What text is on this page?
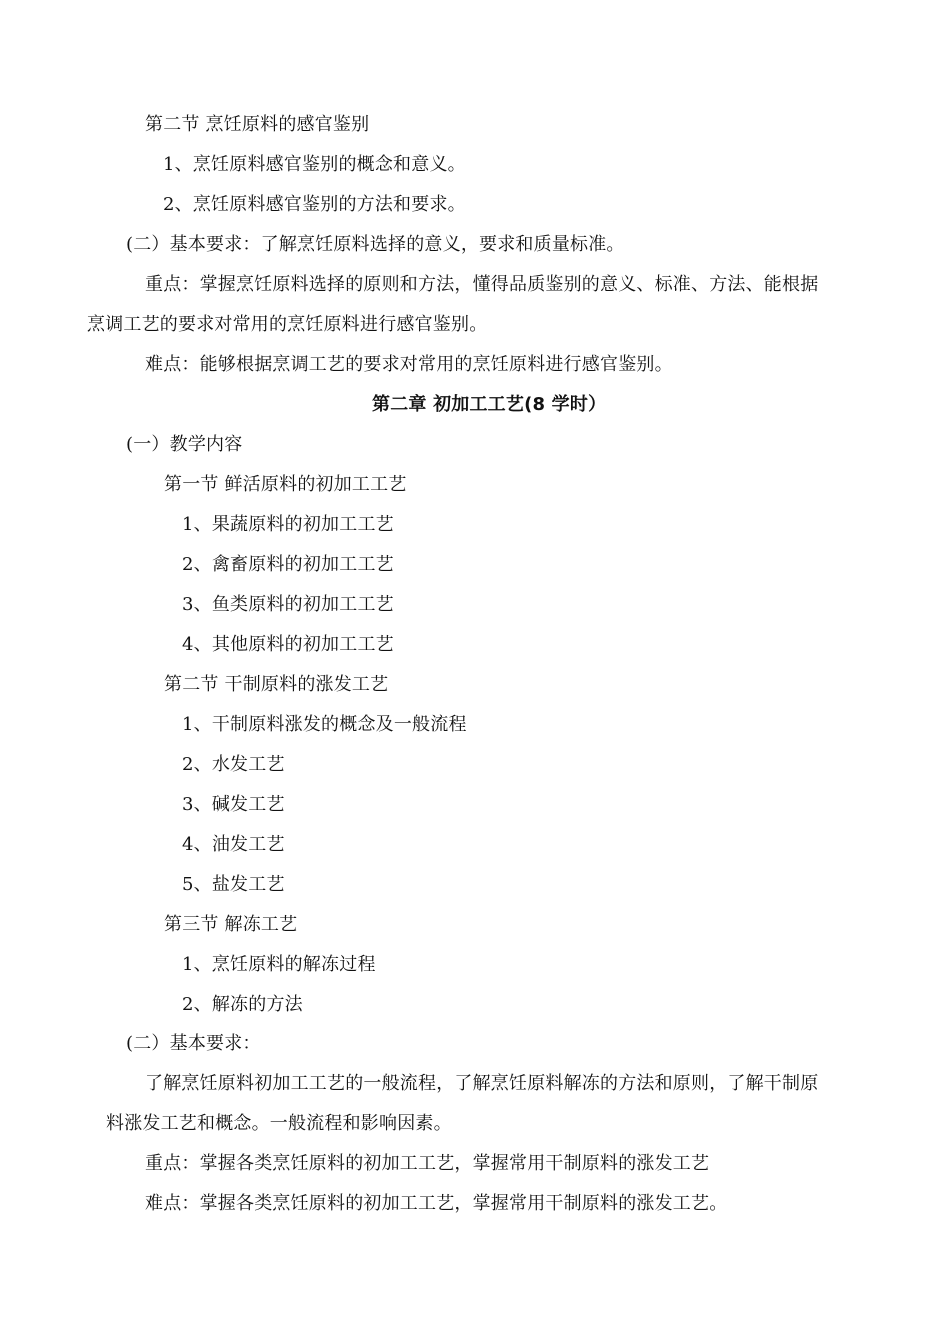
第二节 烹饪原料的感官鉴别
1、烹饪原料感官鉴别的概念和意义。
2、烹饪原料感官鉴别的方法和要求。
(二）基本要求：了解烹饪原料选择的意义，要求和质量标准。
重点：掌握烹饪原料选择的原则和方法，懂得品质鉴别的意义、标准、方法、能根据
烹调工艺的要求对常用的烹饪原料进行感官鉴别。
难点：能够根据烹调工艺的要求对常用的烹饪原料进行感官鉴别。
第二章 初加工工艺(8 学时）
(一）教学内容
第一节 鲜活原料的初加工工艺
1、果蔬原料的初加工工艺
2、禽畜原料的初加工工艺
3、鱼类原料的初加工工艺
4、其他原料的初加工工艺
第二节 干制原料的涨发工艺
1、干制原料涨发的概念及一般流程
2、水发工艺
3、碱发工艺
4、油发工艺
5、盐发工艺
第三节 解冻工艺
1、烹饪原料的解冻过程
2、解冻的方法
(二）基本要求：
了解烹饪原料初加工工艺的一般流程，了解烹饪原料解冻的方法和原则，了解干制原
料涨发工艺和概念。一般流程和影响因素。
重点：掌握各类烹饪原料的初加工工艺，掌握常用干制原料的涨发工艺
难点：掌握各类烹饪原料的初加工工艺，掌握常用干制原料的涨发工艺。
